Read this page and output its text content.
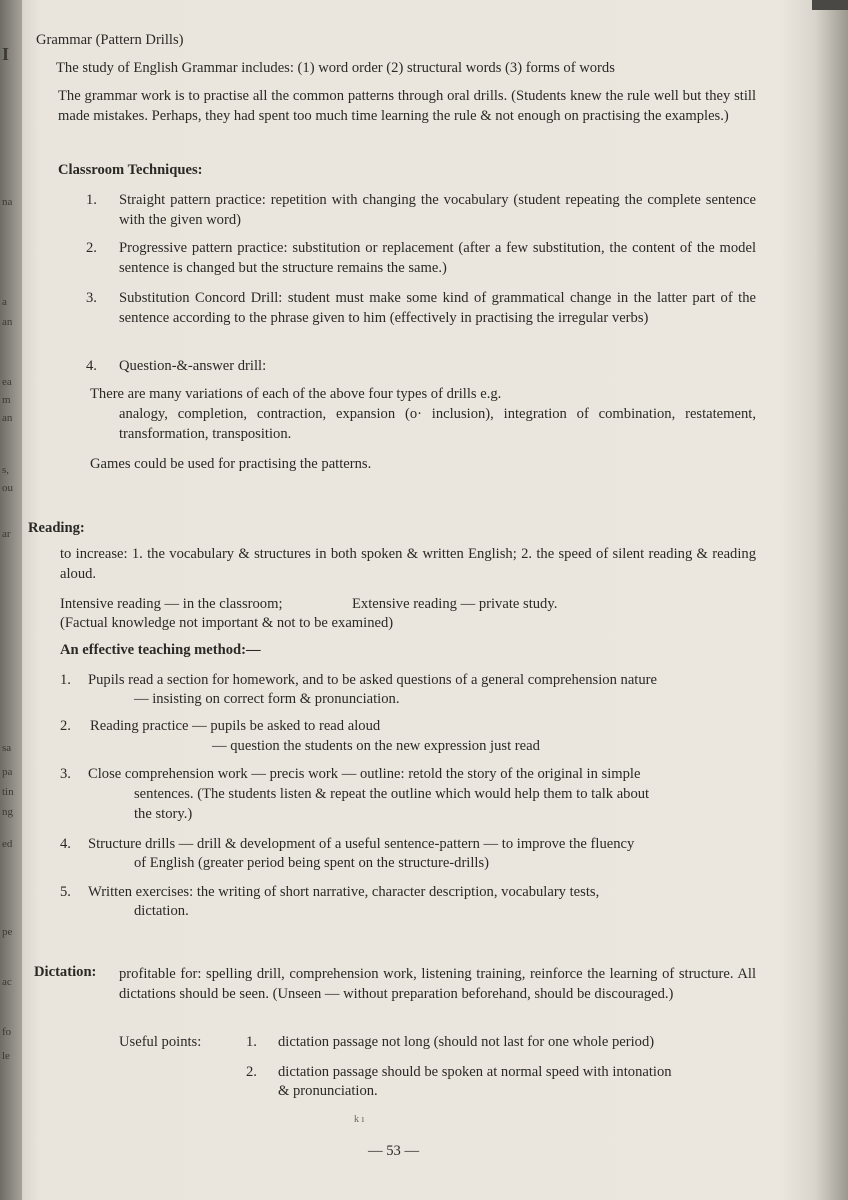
I
na
a
an
ea
m
an
s,
ou
ar
sa
pa
tin
ng
ed
pe
ac
fo
le
Grammar (Pattern Drills)
The study of English Grammar includes: (1) word order (2) structural words (3) forms of words
The grammar work is to practise all the common patterns through oral drills. (Students knew the rule well but they still made mistakes. Perhaps, they had spent too much time learning the rule & not enough on practising the examples.)
Classroom Techniques:
1. Straight pattern practice: repetition with changing the vocabulary (student repeating the complete sentence with the given word)
2. Progressive pattern practice: substitution or replacement (after a few substitution, the content of the model sentence is changed but the structure remains the same.)
3. Substitution Concord Drill: student must make some kind of grammatical change in the latter part of the sentence according to the phrase given to him (effectively in practising the irregular verbs)
4. Question-&-answer drill:
There are many variations of each of the above four types of drills e.g.
analogy, completion, contraction, expansion (o· inclusion), integration of combination, restatement, transformation, transposition.
Games could be used for practising the patterns.
Reading:
to increase: 1. the vocabulary & structures in both spoken & written English; 2. the speed of silent reading & reading aloud.
Intensive reading — in the classroom;	Extensive reading — private study.
(Factual knowledge not important & not to be examined)
An effective teaching method:—
1. Pupils read a section for homework, and to be asked questions of a general comprehension nature
— insisting on correct form & pronunciation.
2. Reading practice — pupils be asked to read aloud
— question the students on the new expression just read
3. Close comprehension work — precis work — outline: retold the story of the original in simple
sentences. (The students listen & repeat the outline which would help them to talk about
the story.)
4. Structure drills — drill & development of a useful sentence-pattern — to improve the fluency
of English (greater period being spent on the structure-drills)
5. Written exercises: the writing of short narrative, character description, vocabulary tests,
dictation.
Dictation: profitable for: spelling drill, comprehension work, listening training, reinforce the learning of structure. All dictations should be seen. (Unseen — without preparation beforehand, should be discouraged.)
Useful points:	1. dictation passage not long (should not last for one whole period)
2. dictation passage should be spoken at normal speed with intonation
& pronunciation.
k ı
— 53 —
